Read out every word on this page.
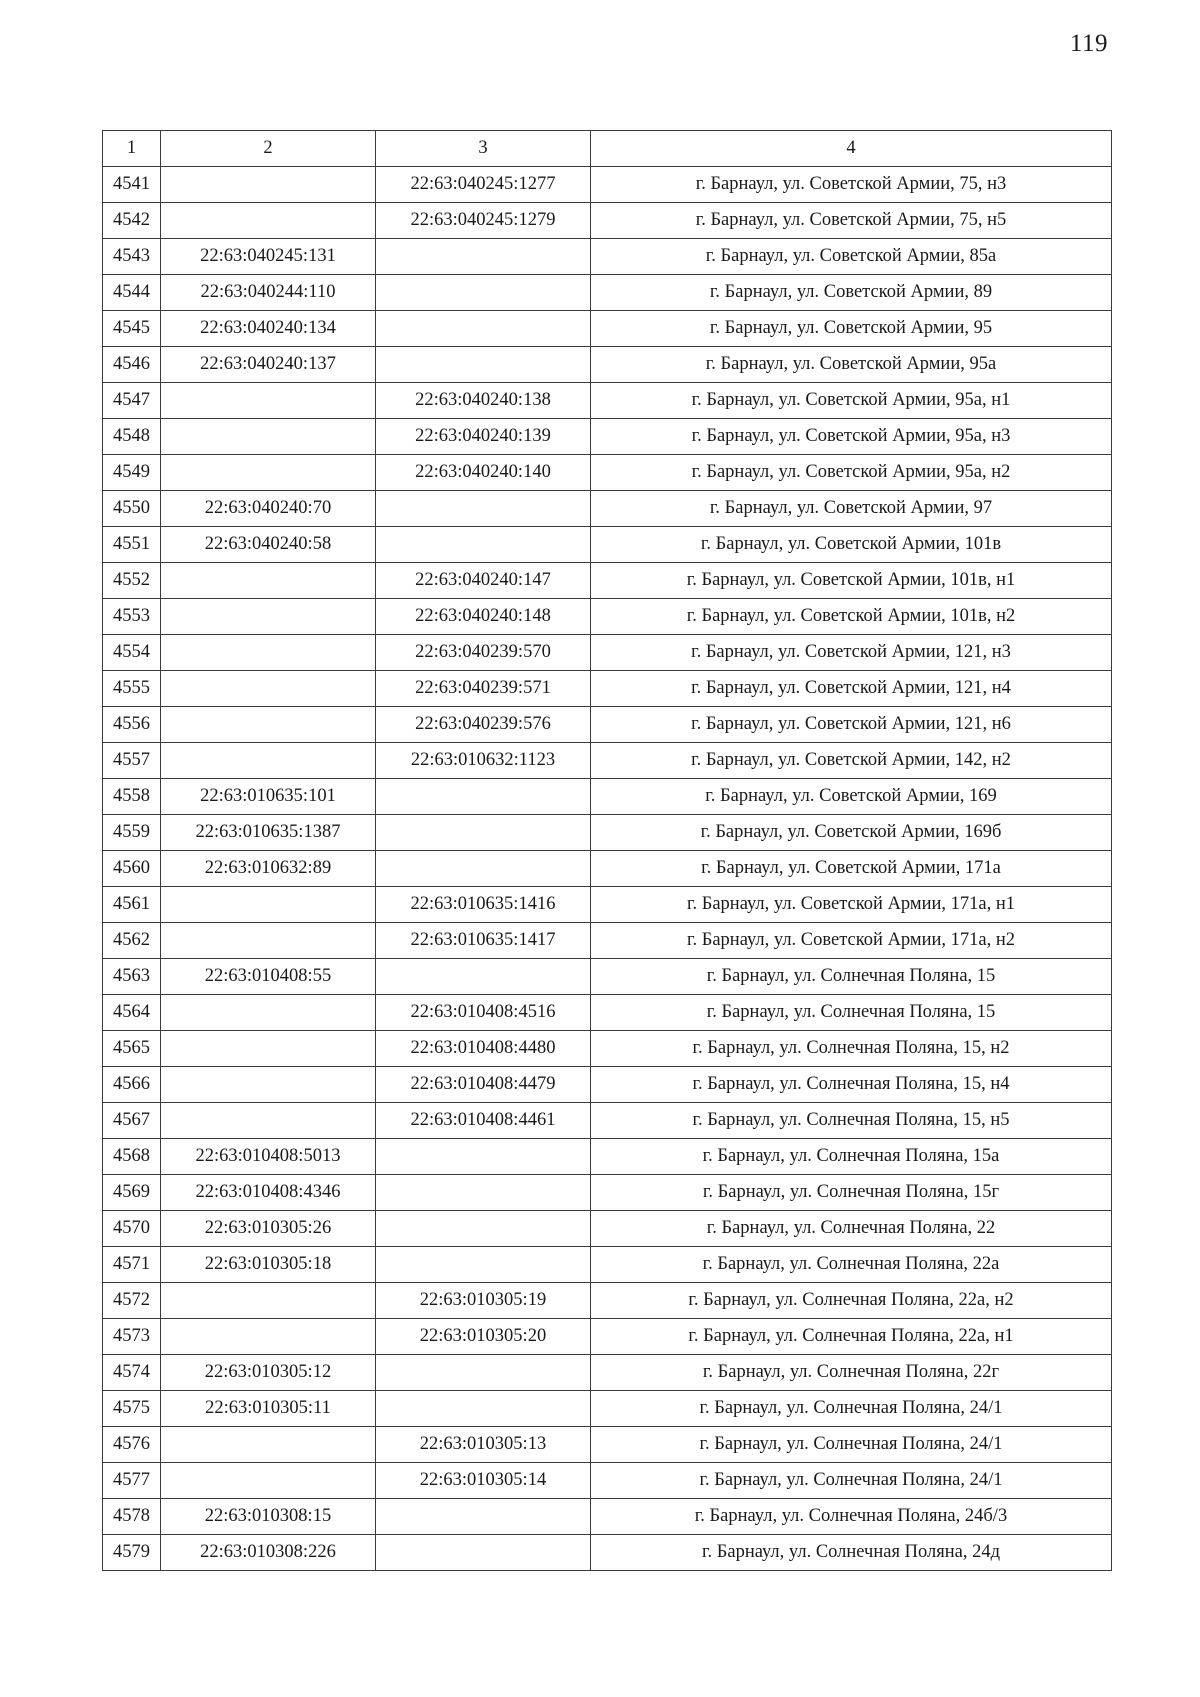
119
1	2	3	4
4541		22:63:040245:1277	г. Барнаул, ул. Советской Армии, 75, н3
4542		22:63:040245:1279	г. Барнаул, ул. Советской Армии, 75, н5
4543	22:63:040245:131		г. Барнаул, ул. Советской Армии, 85а
4544	22:63:040244:110		г. Барнаул, ул. Советской Армии, 89
4545	22:63:040240:134		г. Барнаул, ул. Советской Армии, 95
4546	22:63:040240:137		г. Барнаул, ул. Советской Армии, 95а
4547		22:63:040240:138	г. Барнаул, ул. Советской Армии, 95а, н1
4548		22:63:040240:139	г. Барнаул, ул. Советской Армии, 95а, н3
4549		22:63:040240:140	г. Барнаул, ул. Советской Армии, 95а, н2
4550	22:63:040240:70		г. Барнаул, ул. Советской Армии, 97
4551	22:63:040240:58		г. Барнаул, ул. Советской Армии, 101в
4552		22:63:040240:147	г. Барнаул, ул. Советской Армии, 101в, н1
4553		22:63:040240:148	г. Барнаул, ул. Советской Армии, 101в, н2
4554		22:63:040239:570	г. Барнаул, ул. Советской Армии, 121, н3
4555		22:63:040239:571	г. Барнаул, ул. Советской Армии, 121, н4
4556		22:63:040239:576	г. Барнаул, ул. Советской Армии, 121, н6
4557		22:63:010632:1123	г. Барнаул, ул. Советской Армии, 142, н2
4558	22:63:010635:101		г. Барнаул, ул. Советской Армии, 169
4559	22:63:010635:1387		г. Барнаул, ул. Советской Армии, 169б
4560	22:63:010632:89		г. Барнаул, ул. Советской Армии, 171а
4561		22:63:010635:1416	г. Барнаул, ул. Советской Армии, 171а, н1
4562		22:63:010635:1417	г. Барнаул, ул. Советской Армии, 171а, н2
4563	22:63:010408:55		г. Барнаул, ул. Солнечная Поляна, 15
4564		22:63:010408:4516	г. Барнаул, ул. Солнечная Поляна, 15
4565		22:63:010408:4480	г. Барнаул, ул. Солнечная Поляна, 15, н2
4566		22:63:010408:4479	г. Барнаул, ул. Солнечная Поляна, 15, н4
4567		22:63:010408:4461	г. Барнаул, ул. Солнечная Поляна, 15, н5
4568	22:63:010408:5013		г. Барнаул, ул. Солнечная Поляна, 15а
4569	22:63:010408:4346		г. Барнаул, ул. Солнечная Поляна, 15г
4570	22:63:010305:26		г. Барнаул, ул. Солнечная Поляна, 22
4571	22:63:010305:18		г. Барнаул, ул. Солнечная Поляна, 22а
4572		22:63:010305:19	г. Барнаул, ул. Солнечная Поляна, 22а, н2
4573		22:63:010305:20	г. Барнаул, ул. Солнечная Поляна, 22а, н1
4574	22:63:010305:12		г. Барнаул, ул. Солнечная Поляна, 22г
4575	22:63:010305:11		г. Барнаул, ул. Солнечная Поляна, 24/1
4576		22:63:010305:13	г. Барнаул, ул. Солнечная Поляна, 24/1
4577		22:63:010305:14	г. Барнаул, ул. Солнечная Поляна, 24/1
4578	22:63:010308:15		г. Барнаул, ул. Солнечная Поляна, 24б/3
4579	22:63:010308:226		г. Барнаул, ул. Солнечная Поляна, 24д
